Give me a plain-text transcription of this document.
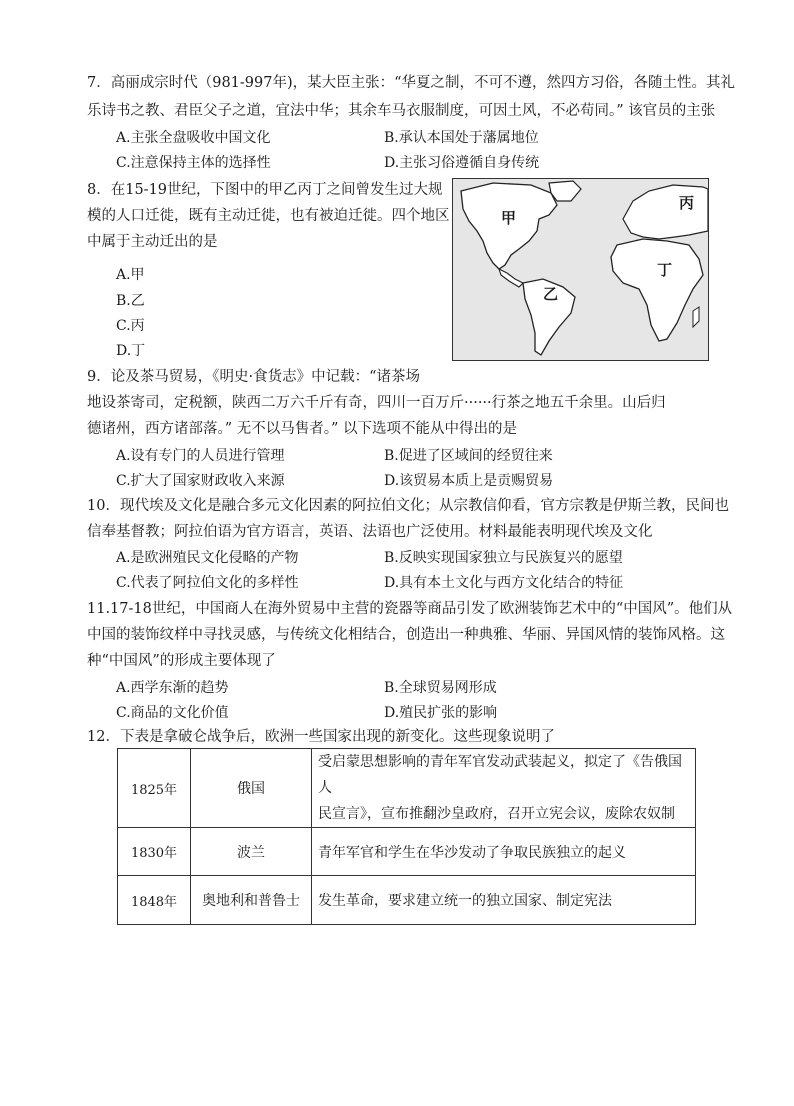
7．高丽成宗时代（981-997年)，某大臣主张：“华夏之制，不可不遵，然四方习俗，各随土性。其礼
乐诗书之教、君臣父子之道，宜法中华；其余车马衣服制度，可因土风，不必苟同。” 该官员的主张
A.主张全盘吸收中国文化	B.承认本国处于藩属地位
C.注意保持主体的选择性	D.主张习俗遵循自身传统
8．在15-19世纪，下图中的甲乙丙丁之间曾发生过大规
模的人口迁徙，既有主动迁徙，也有被迫迁徙。四个地区
中属于主动迁出的是
A.甲
B.乙
C.丙
D.丁
甲
丙
丁
乙
9．论及茶马贸易，《明史·食货志》中记载：“诸茶场
地设茶寄司，定税额，陕西二万六千斤有奇，四川一百万斤······行茶之地五千余里。山后归
德诸州，西方诸部落。” 无不以马售者。” 以下选项不能从中得出的是
A.设有专门的人员进行管理	B.促进了区域间的经贸往来
C.扩大了国家财政收入来源	D.该贸易本质上是贡赐贸易
10．现代埃及文化是融合多元文化因素的阿拉伯文化；从宗教信仰看，官方宗教是伊斯兰教，民间也
信奉基督教；阿拉伯语为官方语言，英语、法语也广泛使用。材料最能表明现代埃及文化
A.是欧洲殖民文化侵略的产物	B.反映实现国家独立与民族复兴的愿望
C.代表了阿拉伯文化的多样性	D.具有本土文化与西方文化结合的特征
11.17-18世纪，中国商人在海外贸易中主营的瓷器等商品引发了欧洲装饰艺术中的“中国风”。他们从
中国的装饰纹样中寻找灵感，与传统文化相结合，创造出一种典雅、华丽、异国风情的装饰风格。这
种“中国风”的形成主要体现了
A.西学东渐的趋势	B.全球贸易网形成
C.商品的文化价值	D.殖民扩张的影响
12．下表是拿破仑战争后，欧洲一些国家出现的新变化。这些现象说明了
1825年	俄国	受启蒙思想影响的青年军官发动武装起义，拟定了《告俄国人
民宣言》，宣布推翻沙皇政府，召开立宪会议，废除农奴制

1830年	波兰	青年军官和学生在华沙发动了争取民族独立的起义
1848年	奥地利和普鲁士	发生革命，要求建立统一的独立国家、制定宪法
